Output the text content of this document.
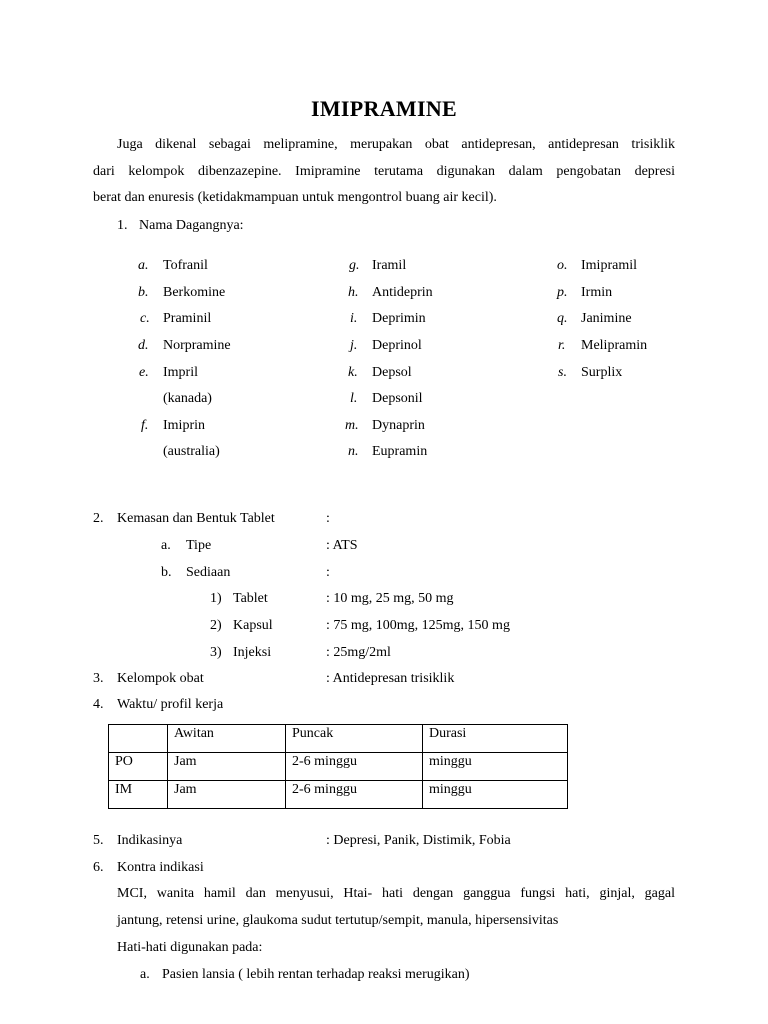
IMIPRAMINE
Juga dikenal sebagai melipramine, merupakan obat antidepresan, antidepresan trisiklik
dari kelompok dibenzazepine. Imipramine terutama digunakan dalam pengobatan depresi
berat dan enuresis (ketidakmampuan untuk mengontrol buang air kecil).
1. Nama Dagangnya:
a. Tofranil
b. Berkomine
c. Praminil
d. Norpramine
e. Impril
(kanada)
f. Imiprin
(australia)
g. Iramil
h. Antideprin
i. Deprimin
j. Deprinol
k. Depsol
l. Depsonil
m. Dynaprin
n. Eupramin
o. Imipramil
p. Irmin
q. Janimine
r. Melipramin
s. Surplix
2. Kemasan dan Bentuk Tablet	:
a. Tipe	: ATS
b. Sediaan	:
1) Tablet	: 10 mg, 25 mg, 50 mg
2) Kapsul	: 75 mg, 100mg, 125mg, 150 mg
3) Injeksi	: 25mg/2ml
3. Kelompok obat	: Antidepresan trisiklik
4. Waktu/ profil kerja
	Awitan	Puncak	Durasi
PO	Jam	2-6 minggu	minggu
IM	Jam	2-6 minggu	minggu
5. Indikasinya	: Depresi, Panik, Distimik, Fobia
6. Kontra indikasi
MCI, wanita hamil dan menyusui, Htai- hati dengan ganggua fungsi hati, ginjal, gagal
jantung, retensi urine, glaukoma sudut tertutup/sempit, manula, hipersensivitas
Hati-hati digunakan pada:
a. Pasien lansia ( lebih rentan terhadap reaksi merugikan)
